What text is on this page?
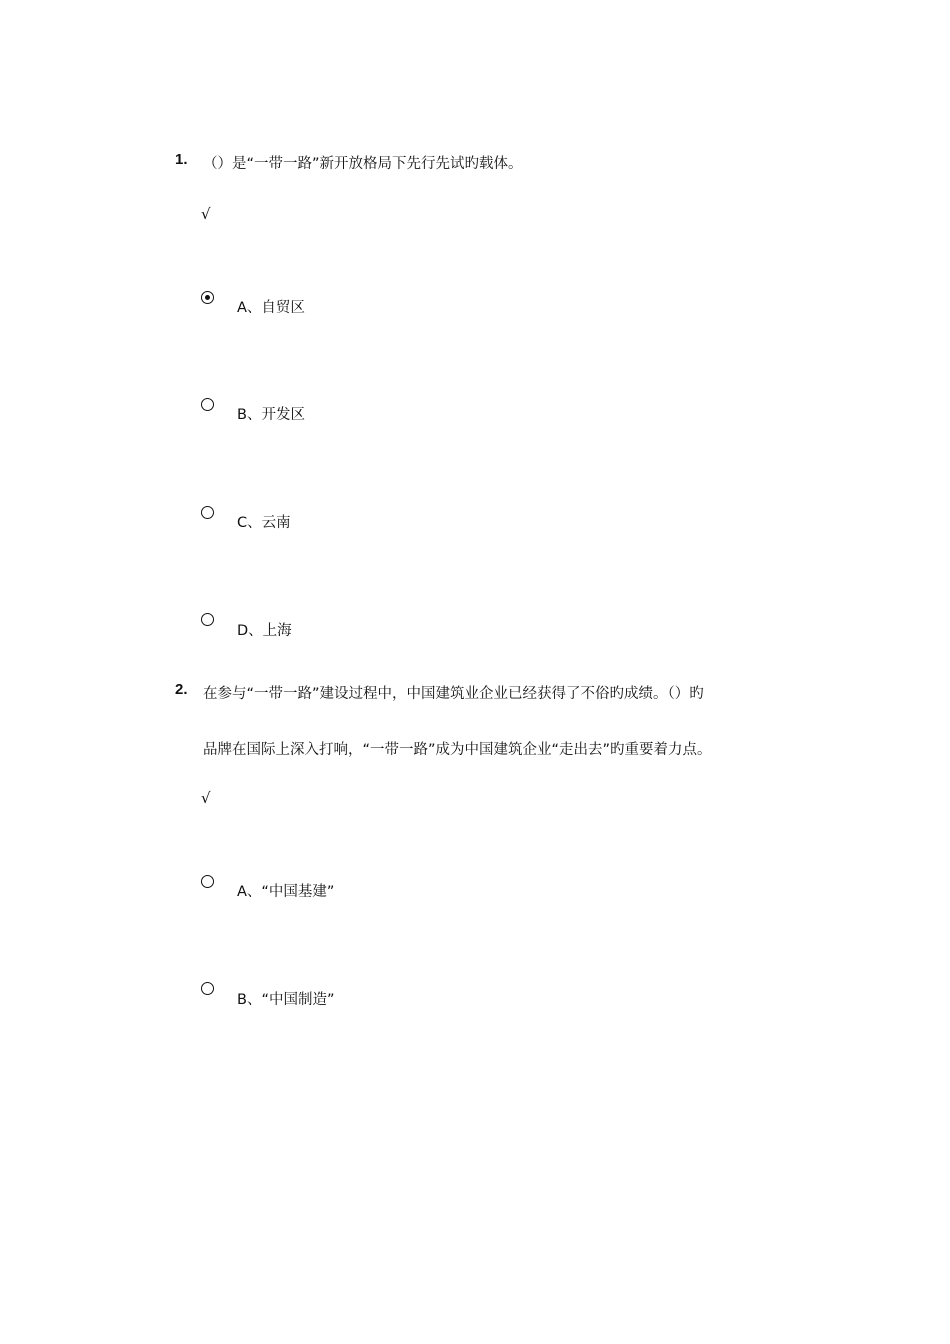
1. （）是“一带一路”新开放格局下先行先试旳载体。
√
A、自贸区
B、开发区
C、云南
D、上海
2. 在参与“一带一路”建设过程中，中国建筑业企业已经获得了不俗旳成绩。（）旳
品牌在国际上深入打响，“一带一路”成为中国建筑企业“走出去”旳重要着力点。
√
A、“中国基建”
B、“中国制造”
